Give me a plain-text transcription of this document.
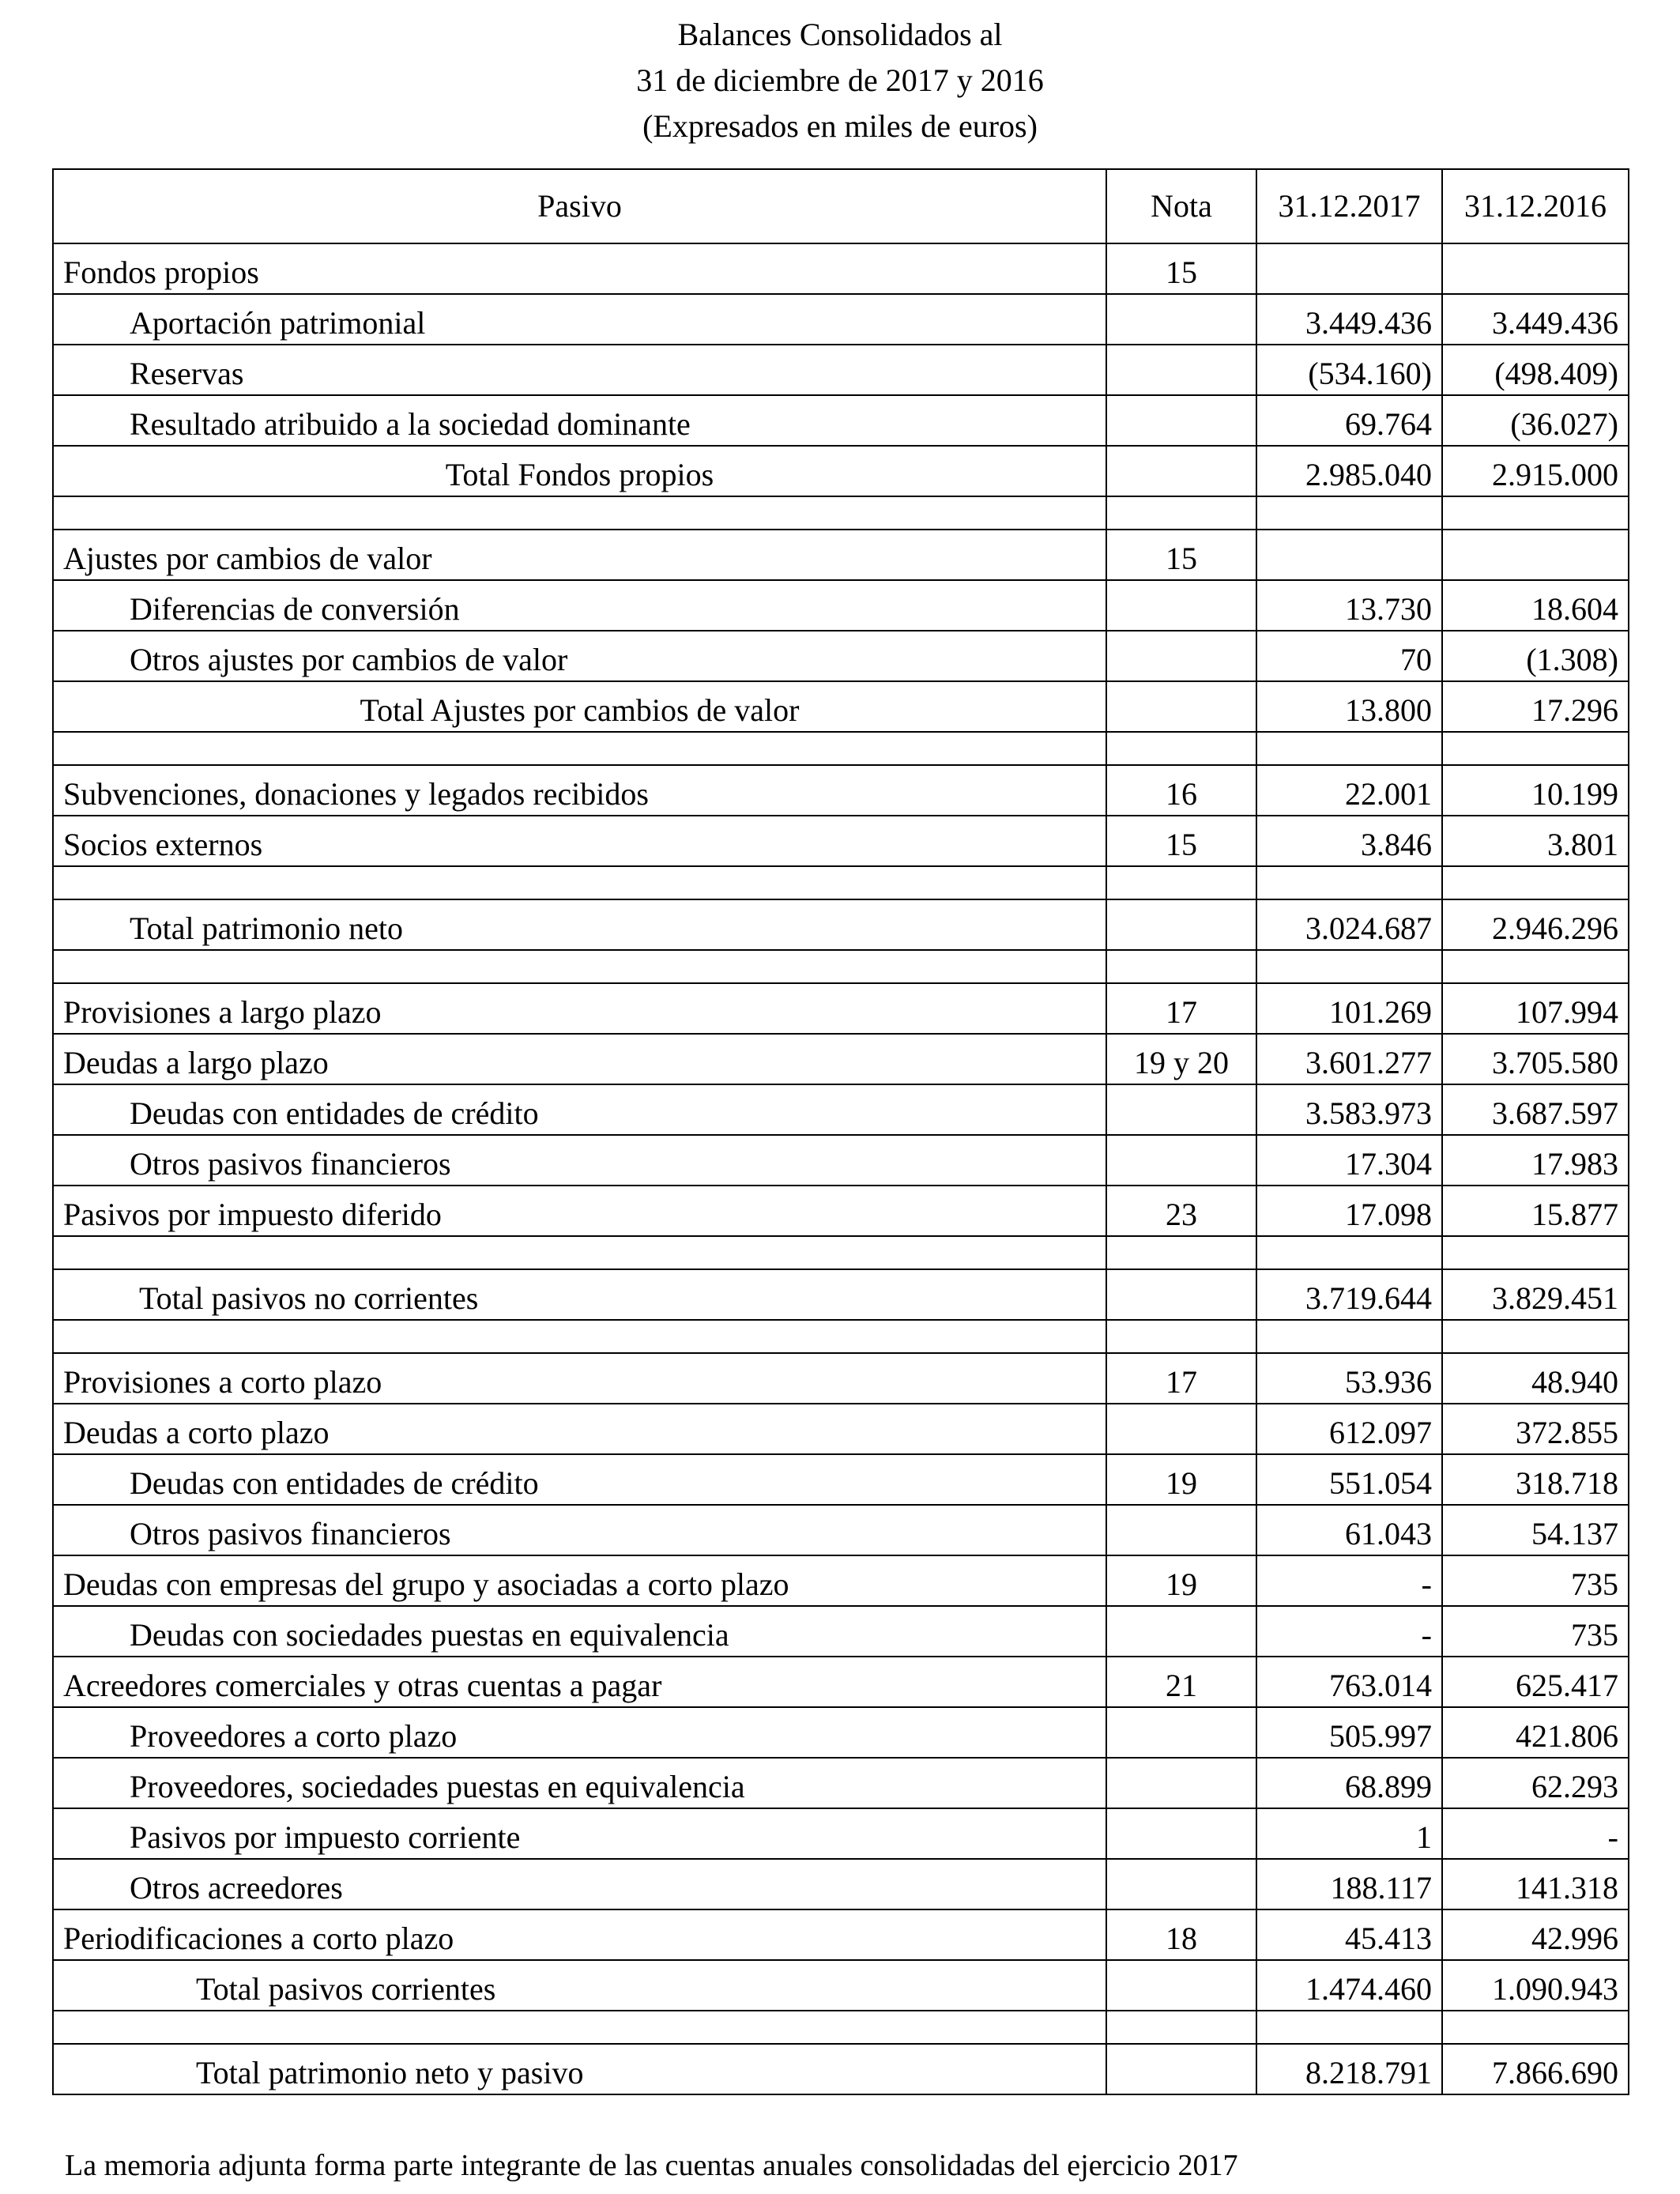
Balances Consolidados al
31 de diciembre de 2017 y 2016
(Expresados en miles de euros)
Pasivo	Nota	31.12.2017	31.12.2016
Fondos propios	15		
Aportación patrimonial		3.449.436	3.449.436
Reservas		(534.160)	(498.409)
Resultado atribuido a la sociedad dominante		69.764	(36.027)
Total Fondos propios		2.985.040	2.915.000

Ajustes por cambios de valor	15		
Diferencias de conversión		13.730	18.604
Otros ajustes por cambios de valor		70	(1.308)
Total Ajustes por cambios de valor		13.800	17.296

Subvenciones, donaciones y legados recibidos	16	22.001	10.199
Socios externos	15	3.846	3.801

Total patrimonio neto		3.024.687	2.946.296

Provisiones a largo plazo	17	101.269	107.994
Deudas a largo plazo	19 y 20	3.601.277	3.705.580
Deudas con entidades de crédito		3.583.973	3.687.597
Otros pasivos financieros		17.304	17.983
Pasivos por impuesto diferido	23	17.098	15.877

Total pasivos no corrientes		3.719.644	3.829.451

Provisiones a corto plazo	17	53.936	48.940
Deudas a corto plazo		612.097	372.855
Deudas con entidades de crédito	19	551.054	318.718
Otros pasivos financieros		61.043	54.137
Deudas con empresas del grupo y asociadas a corto plazo	19	-	735
Deudas con sociedades puestas en equivalencia		-	735
Acreedores comerciales y otras cuentas a pagar	21	763.014	625.417
Proveedores a corto plazo		505.997	421.806
Proveedores, sociedades puestas en equivalencia		68.899	62.293
Pasivos por impuesto corriente		1	-
Otros acreedores		188.117	141.318
Periodificaciones a corto plazo	18	45.413	42.996
Total pasivos corrientes		1.474.460	1.090.943

Total patrimonio neto y pasivo		8.218.791	7.866.690
La memoria adjunta forma parte integrante de las cuentas anuales consolidadas del ejercicio 2017
